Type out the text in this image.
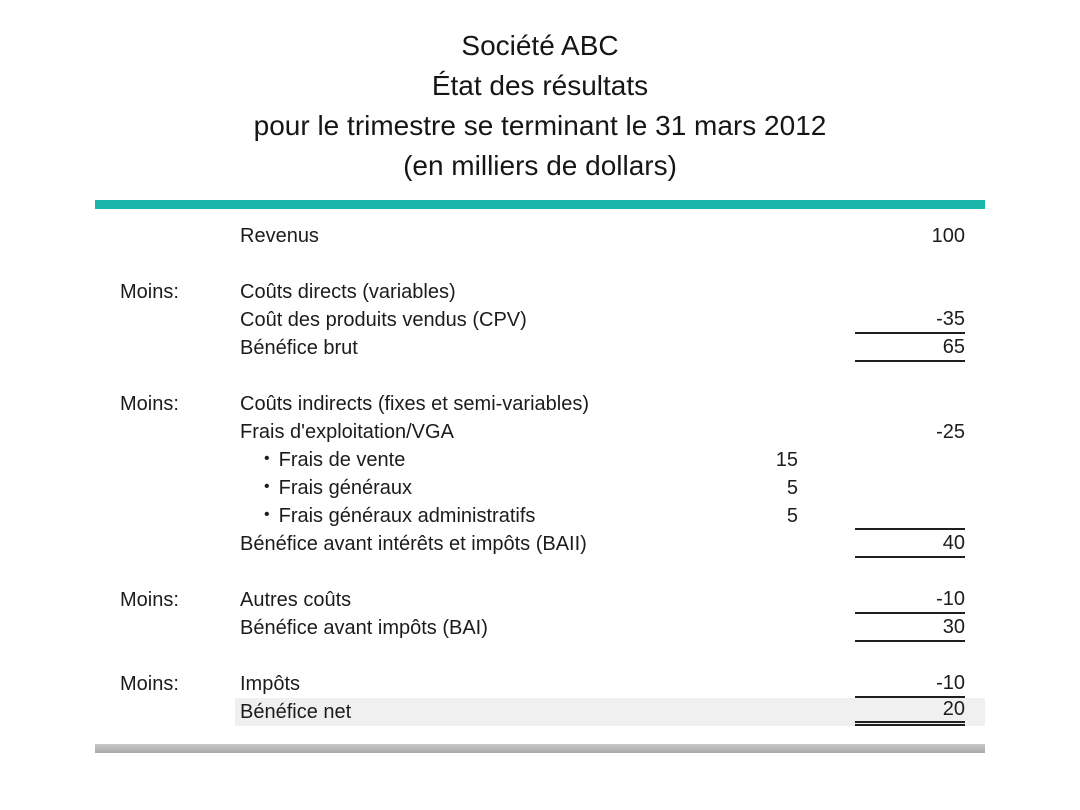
Société ABC
État des résultats
pour le trimestre se terminant le 31 mars 2012
(en milliers de dollars)
Revenus	100
Moins:	Coûts directs (variables)
Coût des produits vendus (CPV)	-35
Bénéfice brut	65
Moins:	Coûts indirects (fixes et semi-variables)
Frais d'exploitation/VGA	-25
• Frais de vente	15
• Frais généraux	5
• Frais généraux administratifs	5
Bénéfice avant intérêts et impôts (BAII)	40
Moins:	Autres coûts	-10
Bénéfice avant impôts (BAI)	30
Moins:	Impôts	-10
Bénéfice net	20
